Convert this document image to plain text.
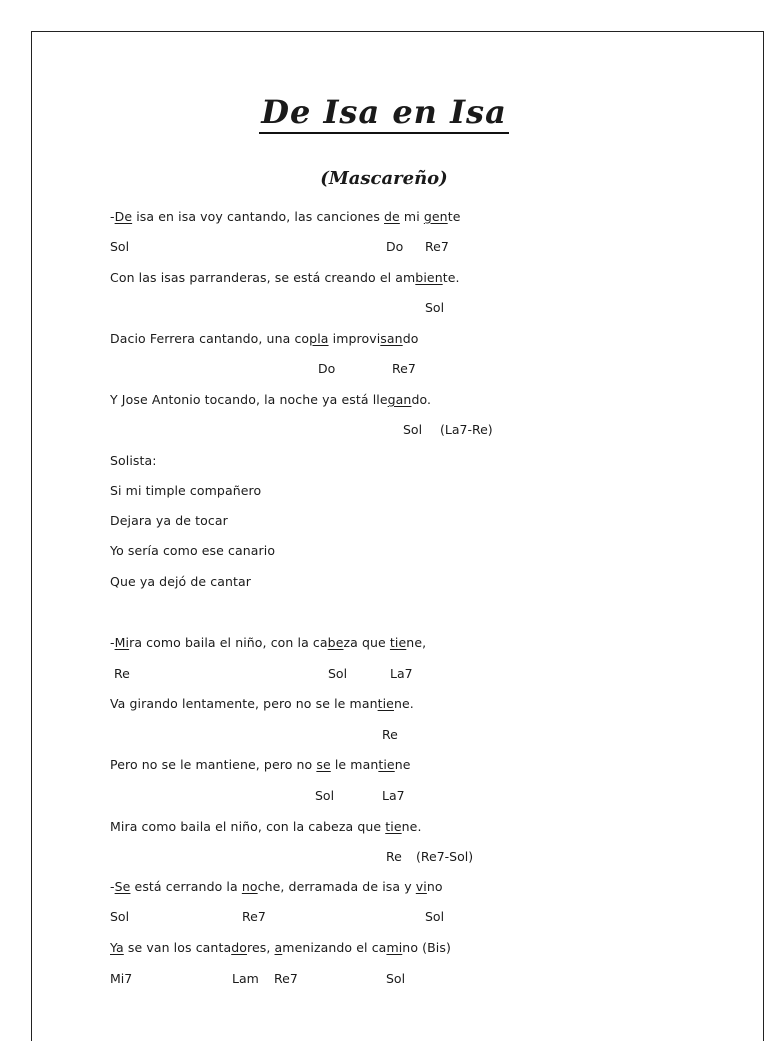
De Isa en Isa
(Mascareño)
-De isa en isa voy cantando, las canciones de mi gente
Sol	Do Re7
Con las isas parranderas, se está creando el ambiente.
Sol
Dacio Ferrera cantando, una copla improvisando
Do	Re7
Y Jose Antonio tocando, la noche ya está llegando.
Sol (La7-Re)
Solista:
Si mi timple compañero
Dejara ya de tocar
Yo sería como ese canario
Que ya dejó de cantar
-Mira como baila el niño, con la cabeza que tiene,
Re	Sol	La7
Va girando lentamente, pero no se le mantiene.
Re
Pero no se le mantiene, pero no se le mantiene
Sol	La7
Mira como baila el niño, con la cabeza que tiene.
Re (Re7-Sol)
-Se está cerrando la noche, derramada de isa y vino
Sol	Re7	Sol
Ya se van los cantadores, amenizando el camino (Bis)
Mi7	Lam Re7	Sol
